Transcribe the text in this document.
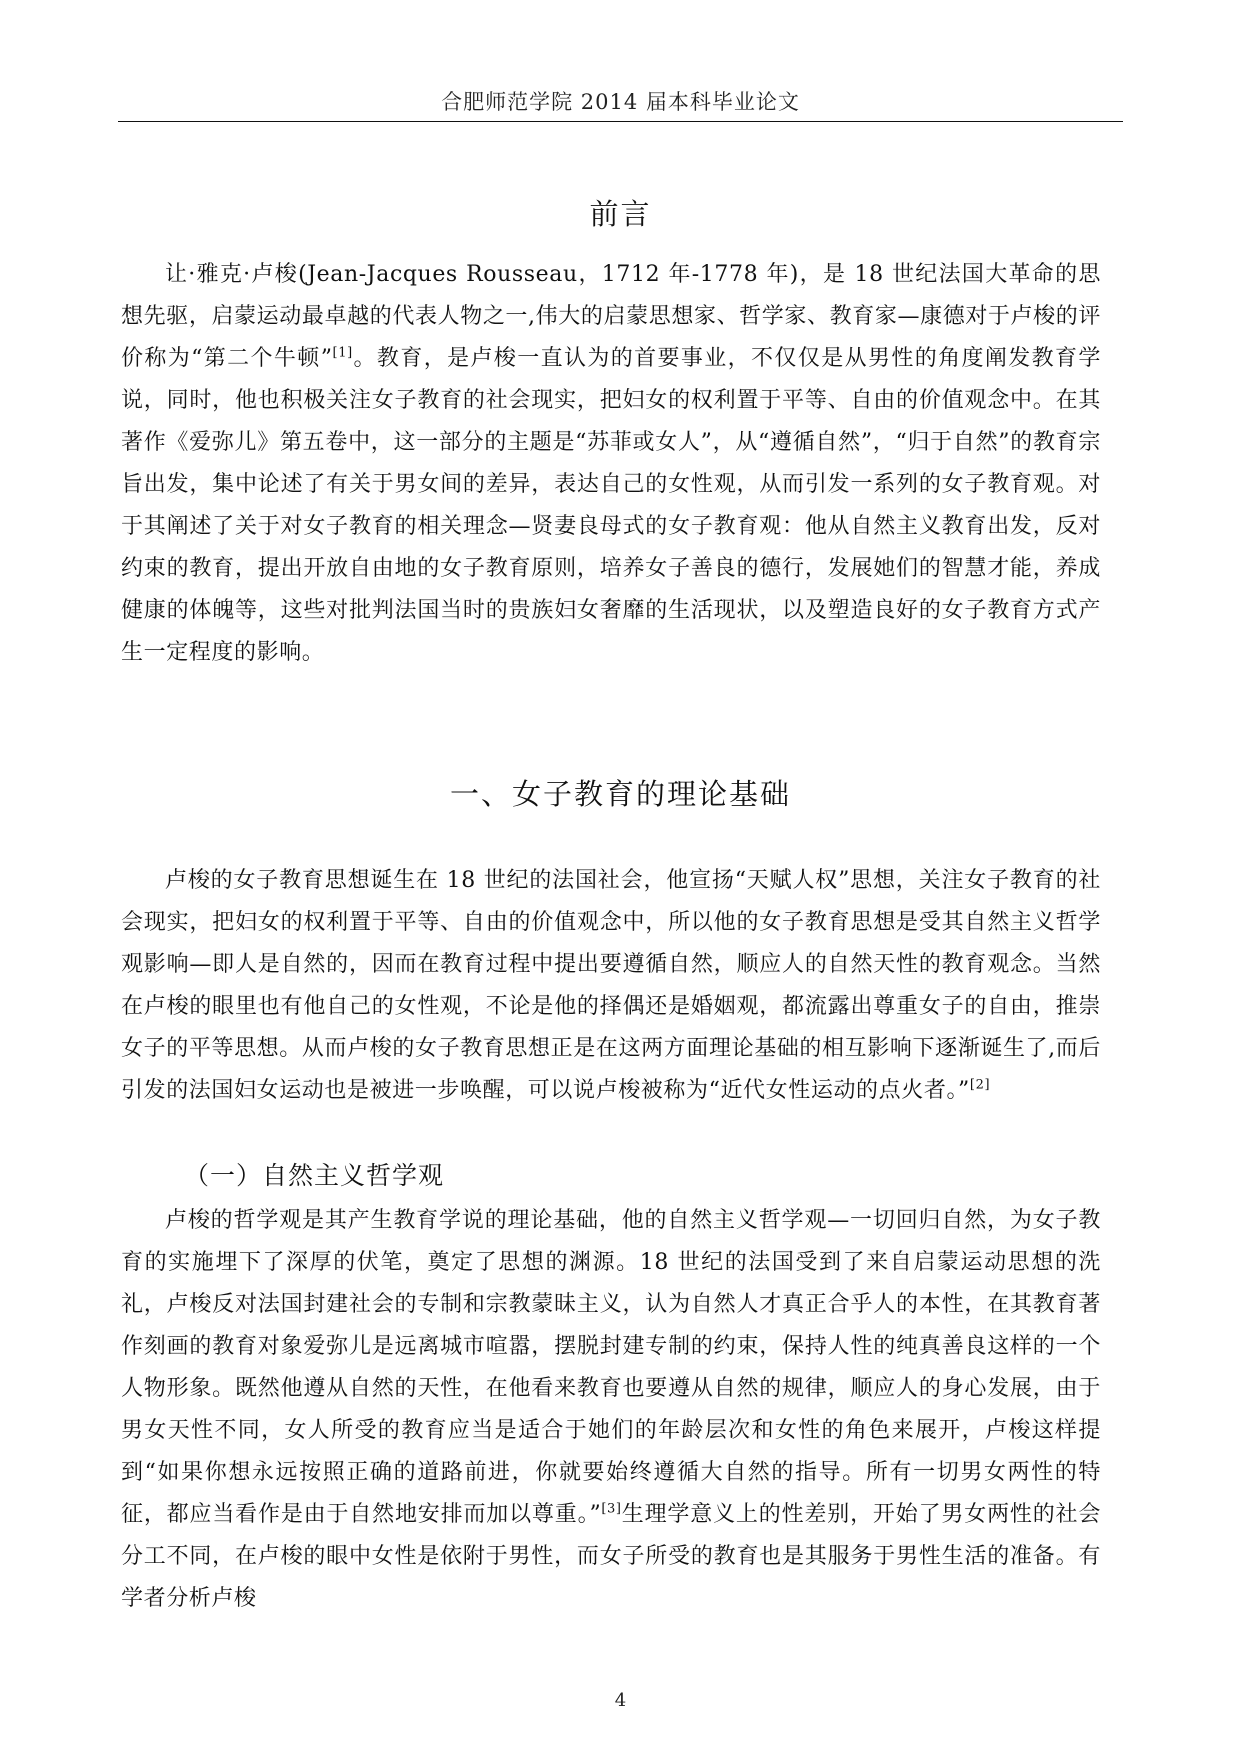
合肥师范学院 2014 届本科毕业论文
前言

让·雅克·卢梭(Jean-Jacques Rousseau，1712 年-1778 年)，是 18 世纪法国大革命的思想先驱，启蒙运动最卓越的代表人物之一,伟大的启蒙思想家、哲学家、教育家—康德对于卢梭的评价称为“第二个牛顿”[1]。教育，是卢梭一直认为的首要事业，不仅仅是从男性的角度阐发教育学说，同时，他也积极关注女子教育的社会现实，把妇女的权利置于平等、自由的价值观念中。在其著作《爱弥儿》第五卷中，这一部分的主题是“苏菲或女人”，从“遵循自然”，“归于自然”的教育宗旨出发，集中论述了有关于男女间的差异，表达自己的女性观，从而引发一系列的女子教育观。对于其阐述了关于对女子教育的相关理念—贤妻良母式的女子教育观：他从自然主义教育出发，反对约束的教育，提出开放自由地的女子教育原则，培养女子善良的德行，发展她们的智慧才能，养成健康的体魄等，这些对批判法国当时的贵族妇女奢靡的生活现状，以及塑造良好的女子教育方式产生一定程度的影响。

一、女子教育的理论基础

卢梭的女子教育思想诞生在 18 世纪的法国社会，他宣扬“天赋人权”思想，关注女子教育的社会现实，把妇女的权利置于平等、自由的价值观念中，所以他的女子教育思想是受其自然主义哲学观影响—即人是自然的，因而在教育过程中提出要遵循自然，顺应人的自然天性的教育观念。当然在卢梭的眼里也有他自己的女性观，不论是他的择偶还是婚姻观，都流露出尊重女子的自由，推崇女子的平等思想。从而卢梭的女子教育思想正是在这两方面理论基础的相互影响下逐渐诞生了,而后引发的法国妇女运动也是被进一步唤醒，可以说卢梭被称为“近代女性运动的点火者。”[2]

（一）自然主义哲学观

卢梭的哲学观是其产生教育学说的理论基础，他的自然主义哲学观—一切回归自然，为女子教育的实施埋下了深厚的伏笔，奠定了思想的渊源。18 世纪的法国受到了来自启蒙运动思想的洗礼，卢梭反对法国封建社会的专制和宗教蒙昧主义，认为自然人才真正合乎人的本性，在其教育著作刻画的教育对象爱弥儿是远离城市喧嚣，摆脱封建专制的约束，保持人性的纯真善良这样的一个人物形象。既然他遵从自然的天性，在他看来教育也要遵从自然的规律，顺应人的身心发展，由于男女天性不同，女人所受的教育应当是适合于她们的年龄层次和女性的角色来展开，卢梭这样提到“如果你想永远按照正确的道路前进，你就要始终遵循大自然的指导。所有一切男女两性的特征，都应当看作是由于自然地安排而加以尊重。”[3]生理学意义上的性差别，开始了男女两性的社会分工不同，在卢梭的眼中女性是依附于男性，而女子所受的教育也是其服务于男性生活的准备。有学者分析卢梭

4
